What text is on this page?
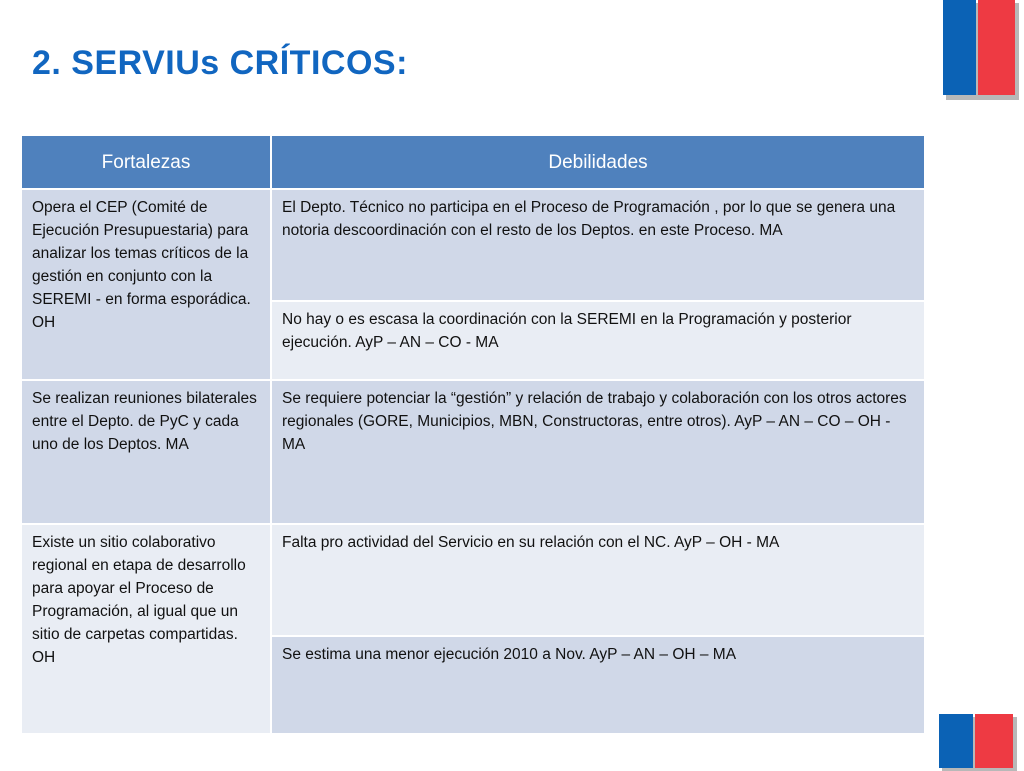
2. SERVIUs CRÍTICOS:
Fortalezas	Debilidades
Opera el CEP (Comité de Ejecución Presupuestaria) para analizar los temas críticos de la gestión en conjunto con la SEREMI - en forma esporádica. OH	El Depto. Técnico no participa en el Proceso de Programación , por lo que se genera una notoria descoordinación con el resto de los Deptos. en este Proceso. MA
	No hay o es escasa la coordinación con la SEREMI en la Programación y posterior ejecución. AyP – AN – CO - MA
Se realizan reuniones bilaterales entre el Depto. de PyC y cada uno de los Deptos. MA	Se requiere potenciar la “gestión” y relación de trabajo y colaboración con los otros actores regionales (GORE, Municipios, MBN, Constructoras, entre otros). AyP – AN – CO – OH - MA
Existe un sitio colaborativo regional en etapa de desarrollo para apoyar el Proceso de Programación, al igual que un sitio de carpetas compartidas. OH	Falta pro actividad del Servicio en su relación con el NC. AyP – OH - MA
	Se estima una menor ejecución 2010 a Nov. AyP – AN – OH – MA
